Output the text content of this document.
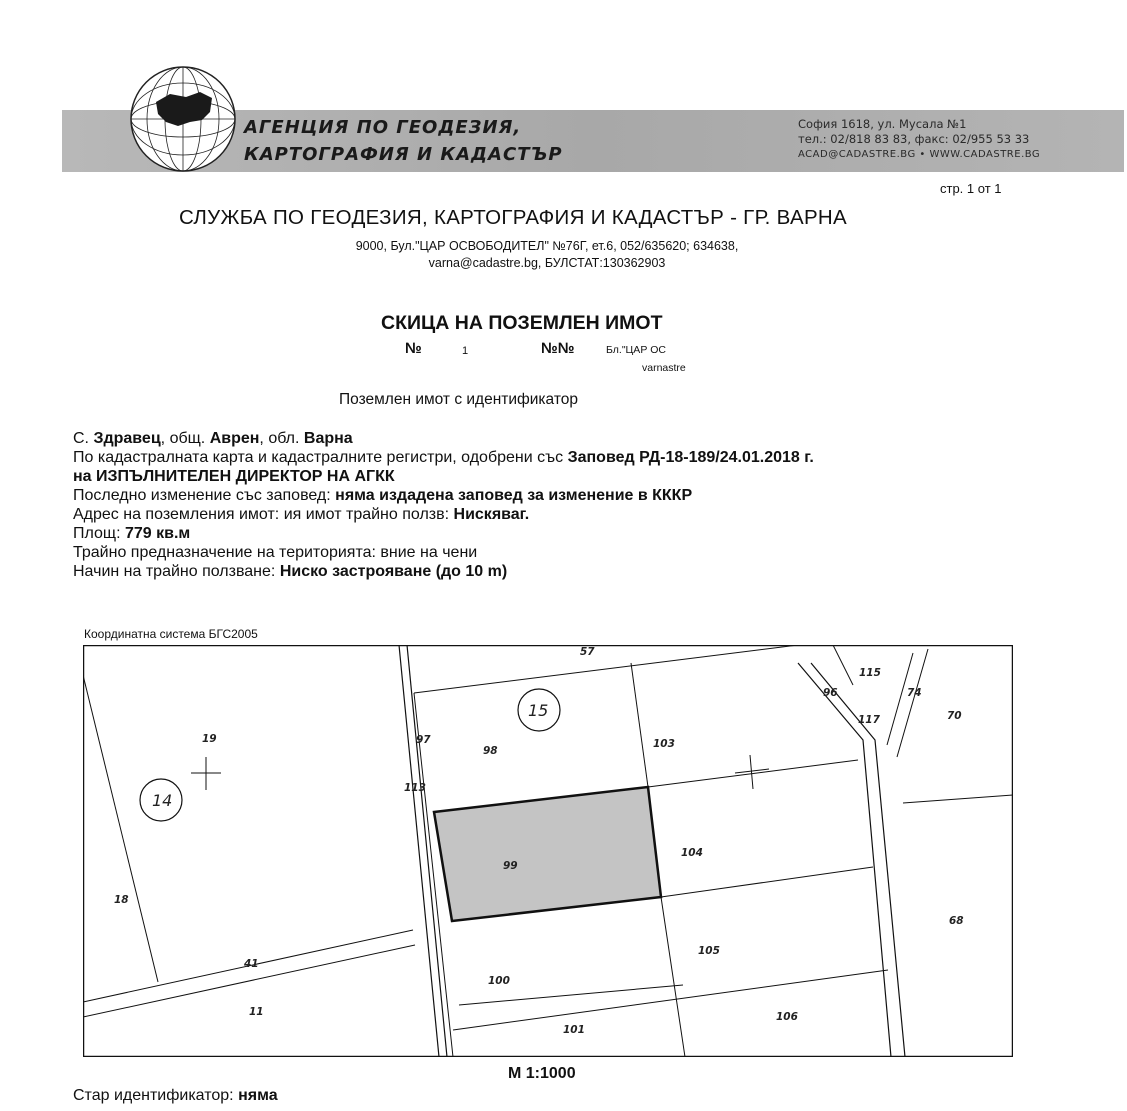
АГЕНЦИЯ ПО ГЕОДЕЗИЯ,
КАРТОГРАФИЯ И КАДАСТЪР
София 1618, ул. Мусала №1
тел.: 02/818 83 83, факс: 02/955 53 33
ACAD@CADASTRE.BG • WWW.CADASTRE.BG
стр. 1 от 1
СЛУЖБА ПО ГЕОДЕЗИЯ, КАРТОГРАФИЯ И КАДАСТЪР - ГР. ВАРНА
9000, Бул."ЦАР ОСВОБОДИТЕЛ" №76Г, ет.6, 052/635620; 634638,
varna@cadastre.bg, БУЛСТАТ:130362903
СКИЦА НА ПОЗЕМЛЕН ИМОТ
№	1	№№	Бл."ЦАР ОС
varnastre
Поземлен имот с идентификатор
С. Здравец, общ. Аврен, обл. Варна
По кадастралната карта и кадастралните регистри, одобрени със Заповед РД-18-189/24.01.2018 г.
на ИЗПЪЛНИТЕЛЕН ДИРЕКТОР НА АГКК
Последно изменение със заповед: няма издадена заповед за изменение в КККР
Адрес на поземления имот: ия имот трайно ползв: Нискяваг.
Площ: 779 кв.м
Трайно предназначение на територията: вние на чени
Начин на трайно ползване: Ниско застрояване (до 10 m)
Координатна система БГС2005
57
115
96	74
117	70
15
19	97
98
103
14
113
99
104
18
68
105
41
100
11	106
101
М 1:1000
Стар идентификатор: няма
